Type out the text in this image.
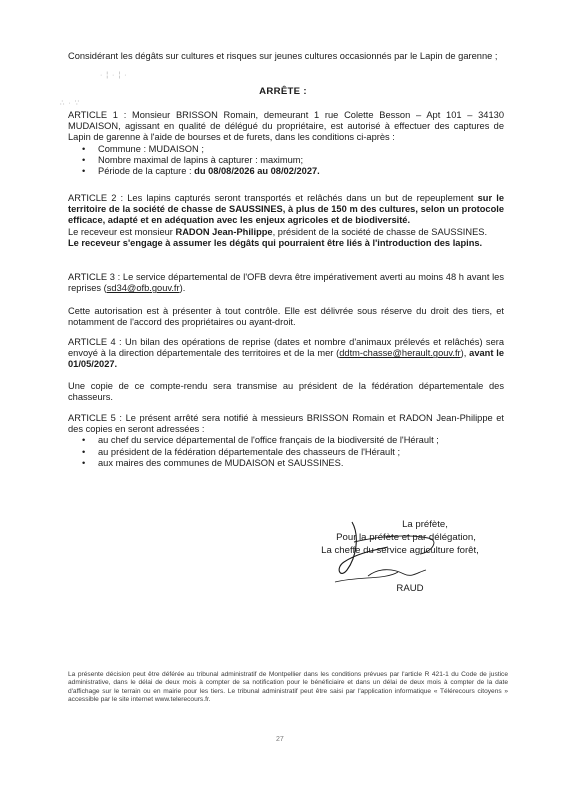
Considérant les dégâts sur cultures et risques sur jeunes cultures occasionnés par le Lapin de garenne ;
· ¦ · ¦ ·
ARRÊTE :
∴ · ∵
ARTICLE 1 : Monsieur BRISSON Romain, demeurant 1 rue Colette Besson – Apt 101 – 34130 MUDAISON, agissant en qualité de délégué du propriétaire, est autorisé à effectuer des captures de Lapin de garenne à l'aide de bourses et de furets, dans les conditions ci-après :
• Commune : MUDAISON ;
• Nombre maximal de lapins à capturer : maximum;
• Période de la capture : du 08/08/2026 au 08/02/2027.
ARTICLE 2 : Les lapins capturés seront transportés et relâchés dans un but de repeuplement sur le territoire de la société de chasse de SAUSSINES, à plus de 150 m des cultures, selon un protocole efficace, adapté et en adéquation avec les enjeux agricoles et de biodiversité.
Le receveur est monsieur RADON Jean-Philippe, président de la société de chasse de SAUSSINES.
Le receveur s'engage à assumer les dégâts qui pourraient être liés à l'introduction des lapins.
ARTICLE 3 : Le service départemental de l'OFB devra être impérativement averti au moins 48 h avant les reprises (sd34@ofb.gouv.fr).
Cette autorisation est à présenter à tout contrôle. Elle est délivrée sous réserve du droit des tiers, et notamment de l'accord des propriétaires ou ayant-droit.
ARTICLE 4 : Un bilan des opérations de reprise (dates et nombre d'animaux prélevés et relâchés) sera envoyé à la direction départementale des territoires et de la mer (ddtm-chasse@herault.gouv.fr), avant le 01/05/2027.
Une copie de ce compte-rendu sera transmise au président de la fédération départementale des chasseurs.
ARTICLE 5 : Le présent arrêté sera notifié à messieurs BRISSON Romain et RADON Jean-Philippe et des copies en seront adressées :
• au chef du service départemental de l'office français de la biodiversité de l'Hérault ;
• au président de la fédération départementale des chasseurs de l'Hérault ;
• aux maires des communes de MUDAISON et SAUSSINES.
La préfète,
Pour la préfète et par délégation,
La cheffe du service agriculture forêt,
RAUD
La présente décision peut être déférée au tribunal administratif de Montpellier dans les conditions prévues par l'article R 421-1 du Code de justice administrative, dans le délai de deux mois à compter de sa notification pour le bénéficiaire et dans un délai de deux mois à compter de la date d'affichage sur le terrain ou en mairie pour les tiers. Le tribunal administratif peut être saisi par l'application informatique « Télérecours citoyens » accessible par le site internet www.telerecours.fr.
27
